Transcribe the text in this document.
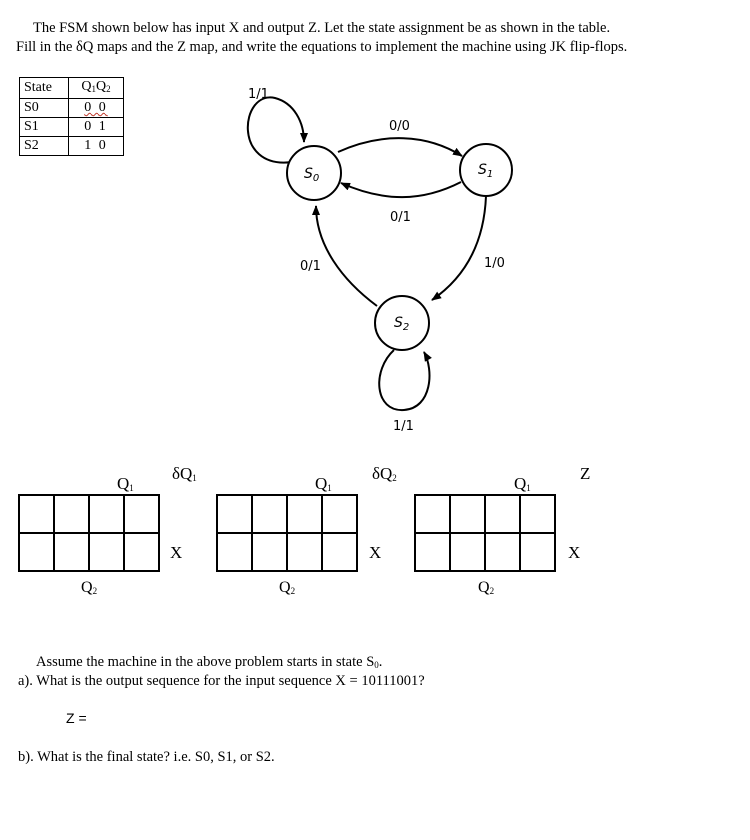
The FSM shown below has input X and output Z. Let the state assignment be as shown in the table.
Fill in the δQ maps and the Z map, and write the equations to implement the machine using JK flip-flops.
State	$Q_1Q_2$
S0	0 0
S1	0 1
S2	1 0
$S_0$
$S_1$
$S_2$
1/1
0/0
0/1
0/1	1/0
1/1
$Q_1$
$\delta Q_1$

X
$Q_2$
$Q_1$
$\delta Q_2$

X
$Q_2$
$Q_1$
Z

X
$Q_2$
Assume the machine in the above problem starts in state $S_0$.
a). What is the output sequence for the input sequence X = 10111001?
Z =
b). What is the final state? i.e. S0, S1, or S2.
